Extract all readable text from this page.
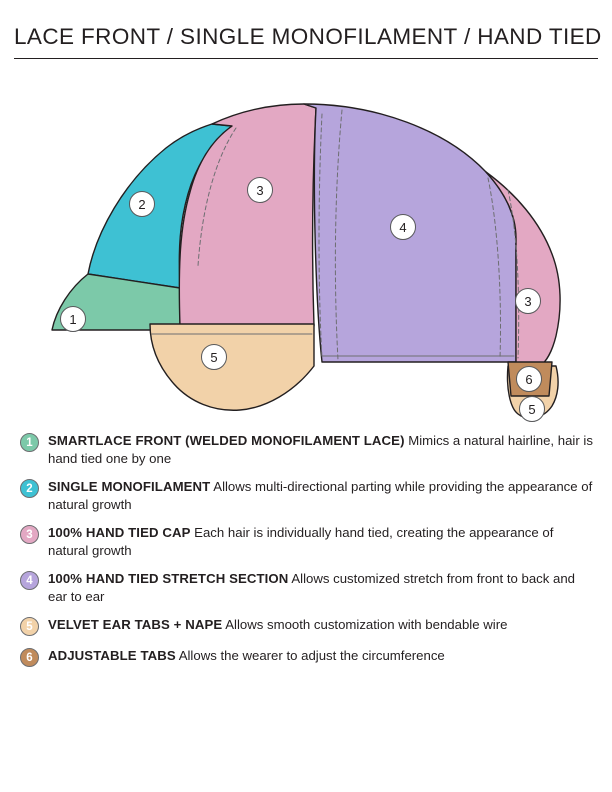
LACE FRONT / SINGLE MONOFILAMENT / HAND TIED
1
2
3
4
3
5
6
5
1 SMARTLACE FRONT (WELDED MONOFILAMENT LACE) Mimics a natural hairline, hair is hand tied one by one
2 SINGLE MONOFILAMENT Allows multi-directional parting while providing the appearance of natural growth
3 100% HAND TIED CAP Each hair is individually hand tied, creating the appearance of natural growth
4 100% HAND TIED STRETCH SECTION Allows customized stretch from front to back and ear to ear
5 VELVET EAR TABS + NAPE Allows smooth customization with bendable wire
6 ADJUSTABLE TABS Allows the wearer to adjust the circumference
